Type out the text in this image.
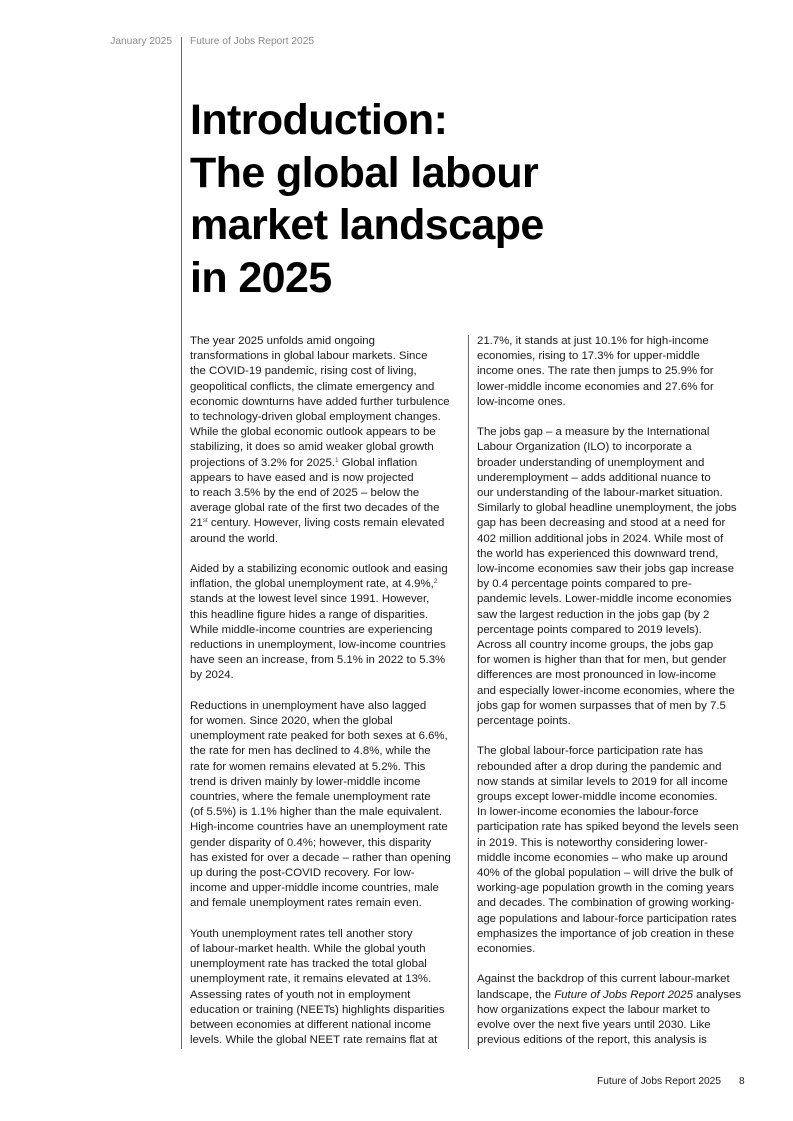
January 2025 Future of Jobs Report 2025
Introduction:
The global labour
market landscape
in 2025

The year 2025 unfolds amid ongoing
transformations in global labour markets. Since
the COVID-19 pandemic, rising cost of living,
geopolitical conflicts, the climate emergency and
economic downturns have added further turbulence
to technology-driven global employment changes.
While the global economic outlook appears to be
stabilizing, it does so amid weaker global growth
projections of 3.2% for 2025.$^1$ Global inflation
appears to have eased and is now projected
to reach 3.5% by the end of 2025 – below the
average global rate of the first two decades of the
21st century. However, living costs remain elevated
around the world.

Aided by a stabilizing economic outlook and easing
inflation, the global unemployment rate, at 4.9%,$^2$
stands at the lowest level since 1991. However,
this headline figure hides a range of disparities.
While middle-income countries are experiencing
reductions in unemployment, low-income countries
have seen an increase, from 5.1% in 2022 to 5.3%
by 2024.

Reductions in unemployment have also lagged
for women. Since 2020, when the global
unemployment rate peaked for both sexes at 6.6%,
the rate for men has declined to 4.8%, while the
rate for women remains elevated at 5.2%. This
trend is driven mainly by lower-middle income
countries, where the female unemployment rate
(of 5.5%) is 1.1% higher than the male equivalent.
High-income countries have an unemployment rate
gender disparity of 0.4%; however, this disparity
has existed for over a decade – rather than opening
up during the post-COVID recovery. For low-
income and upper-middle income countries, male
and female unemployment rates remain even.

Youth unemployment rates tell another story
of labour-market health. While the global youth
unemployment rate has tracked the total global
unemployment rate, it remains elevated at 13%.
Assessing rates of youth not in employment
education or training (NEETs) highlights disparities
between economies at different national income
levels. While the global NEET rate remains flat at

21.7%, it stands at just 10.1% for high-income
economies, rising to 17.3% for upper-middle
income ones. The rate then jumps to 25.9% for
lower-middle income economies and 27.6% for
low-income ones.

The jobs gap – a measure by the International
Labour Organization (ILO) to incorporate a
broader understanding of unemployment and
underemployment – adds additional nuance to
our understanding of the labour-market situation.
Similarly to global headline unemployment, the jobs
gap has been decreasing and stood at a need for
402 million additional jobs in 2024. While most of
the world has experienced this downward trend,
low-income economies saw their jobs gap increase
by 0.4 percentage points compared to pre-
pandemic levels. Lower-middle income economies
saw the largest reduction in the jobs gap (by 2
percentage points compared to 2019 levels).
Across all country income groups, the jobs gap
for women is higher than that for men, but gender
differences are most pronounced in low-income
and especially lower-income economies, where the
jobs gap for women surpasses that of men by 7.5
percentage points.

The global labour-force participation rate has
rebounded after a drop during the pandemic and
now stands at similar levels to 2019 for all income
groups except lower-middle income economies.
In lower-income economies the labour-force
participation rate has spiked beyond the levels seen
in 2019. This is noteworthy considering lower-
middle income economies – who make up around
40% of the global population – will drive the bulk of
working-age population growth in the coming years
and decades. The combination of growing working-
age populations and labour-force participation rates
emphasizes the importance of job creation in these
economies.

Against the backdrop of this current labour-market
landscape, the Future of Jobs Report 2025 analyses
how organizations expect the labour market to
evolve over the next five years until 2030. Like
previous editions of the report, this analysis is

Future of Jobs Report 2025 8
